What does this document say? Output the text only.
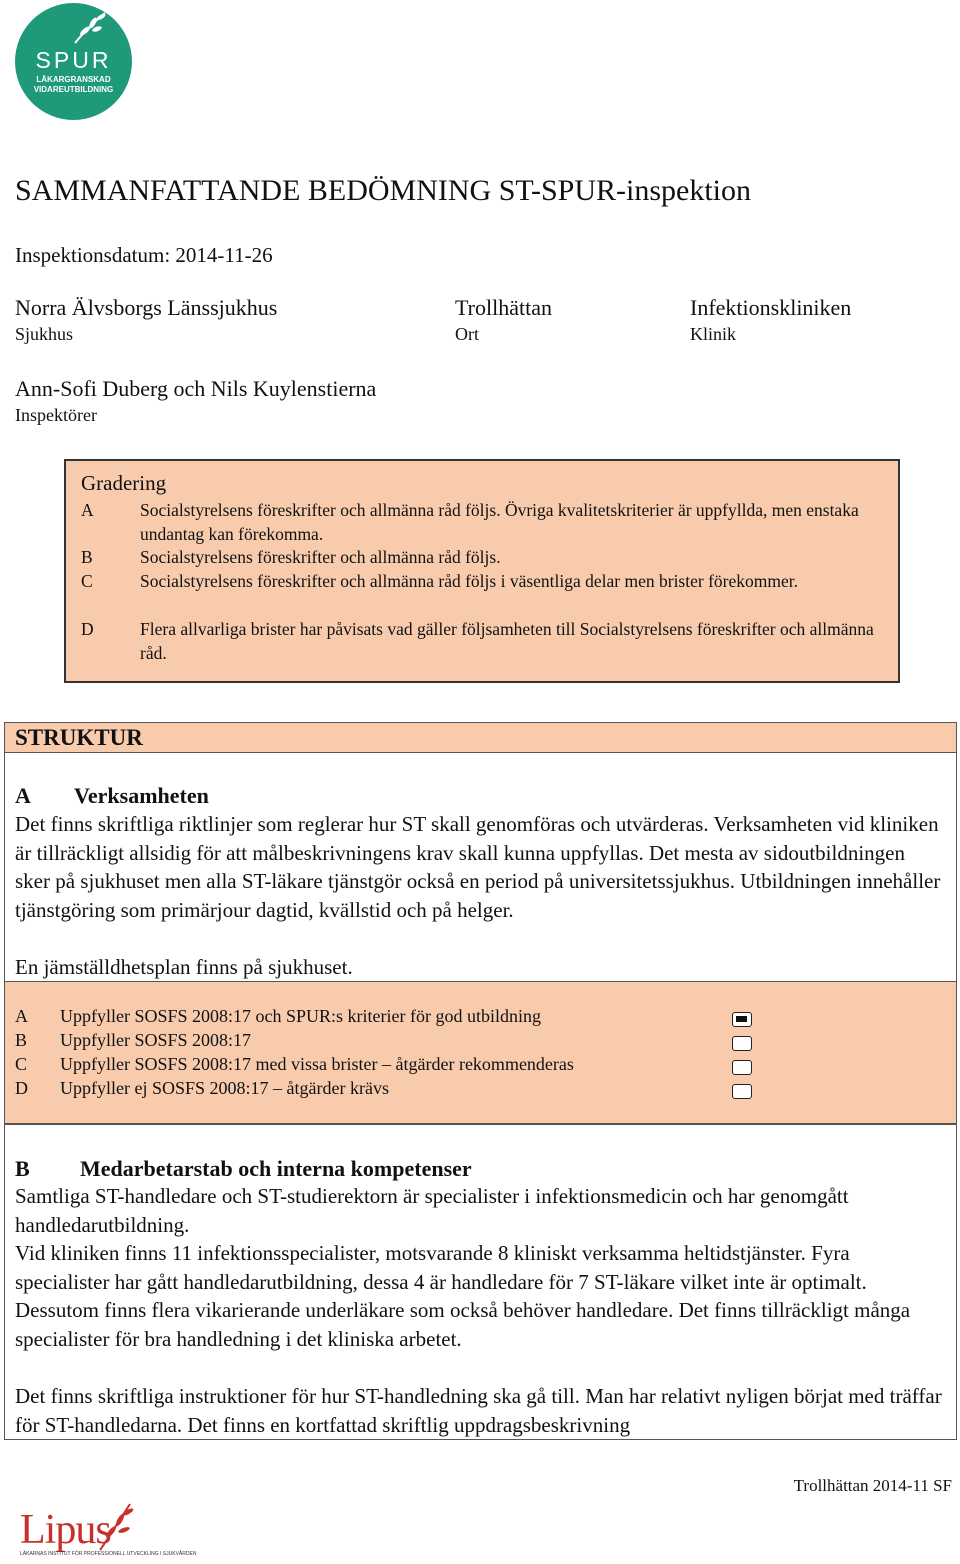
SPUR
LÄKARGRANSKAD VIDAREUTBILDNING
SAMMANFATTANDE BEDÖMNING ST-SPUR-inspektion
Inspektionsdatum: 2014-11-26
Norra Älvsborgs Länssjukhus
Sjukhus
Trollhättan
Ort
Infektionskliniken
Klinik
Ann-Sofi Duberg och Nils Kuylenstierna
Inspektörer
Gradering
A	Socialstyrelsens föreskrifter och allmänna råd följs. Övriga kvalitetskriterier är uppfyllda, men enstaka undantag kan förekomma.
B	Socialstyrelsens föreskrifter och allmänna råd följs.
C	Socialstyrelsens föreskrifter och allmänna råd följs i väsentliga delar men brister förekommer.
D	Flera allvarliga brister har påvisats vad gäller följsamheten till Socialstyrelsens föreskrifter och allmänna råd.
STRUKTUR
A Verksamheten
Det finns skriftliga riktlinjer som reglerar hur ST skall genomföras och utvärderas. Verksamheten vid kliniken är tillräckligt allsidig för att målbeskrivningens krav skall kunna uppfyllas. Det mesta av sidoutbildningen sker på sjukhuset men alla ST-läkare tjänstgör också en period på universitetssjukhus. Utbildningen innehåller tjänstgöring som primärjour dagtid, kvällstid och på helger.
En jämställdhetsplan finns på sjukhuset.
A Uppfyller SOSFS 2008:17 och SPUR:s kriterier för god utbildning
B Uppfyller SOSFS 2008:17
C Uppfyller SOSFS 2008:17 med vissa brister – åtgärder rekommenderas
D Uppfyller ej SOSFS 2008:17 – åtgärder krävs
B Medarbetarstab och interna kompetenser
Samtliga ST-handledare och ST-studierektorn är specialister i infektionsmedicin och har genomgått handledarutbildning.
Vid kliniken finns 11 infektionsspecialister, motsvarande 8 kliniskt verksamma heltidstjänster. Fyra specialister har gått handledarutbildning, dessa 4 är handledare för 7 ST-läkare vilket inte är optimalt. Dessutom finns flera vikarierande underläkare som också behöver handledare. Det finns tillräckligt många specialister för bra handledning i det kliniska arbetet.
Det finns skriftliga instruktioner för hur ST-handledning ska gå till. Man har relativt nyligen börjat med träffar för ST-handledarna. Det finns en kortfattad skriftlig uppdragsbeskrivning
Trollhättan 2014-11 SF
Lipus
LÄKARNAS INSTITUT FÖR PROFESSIONELL UTVECKLING I SJUKVÅRDEN
